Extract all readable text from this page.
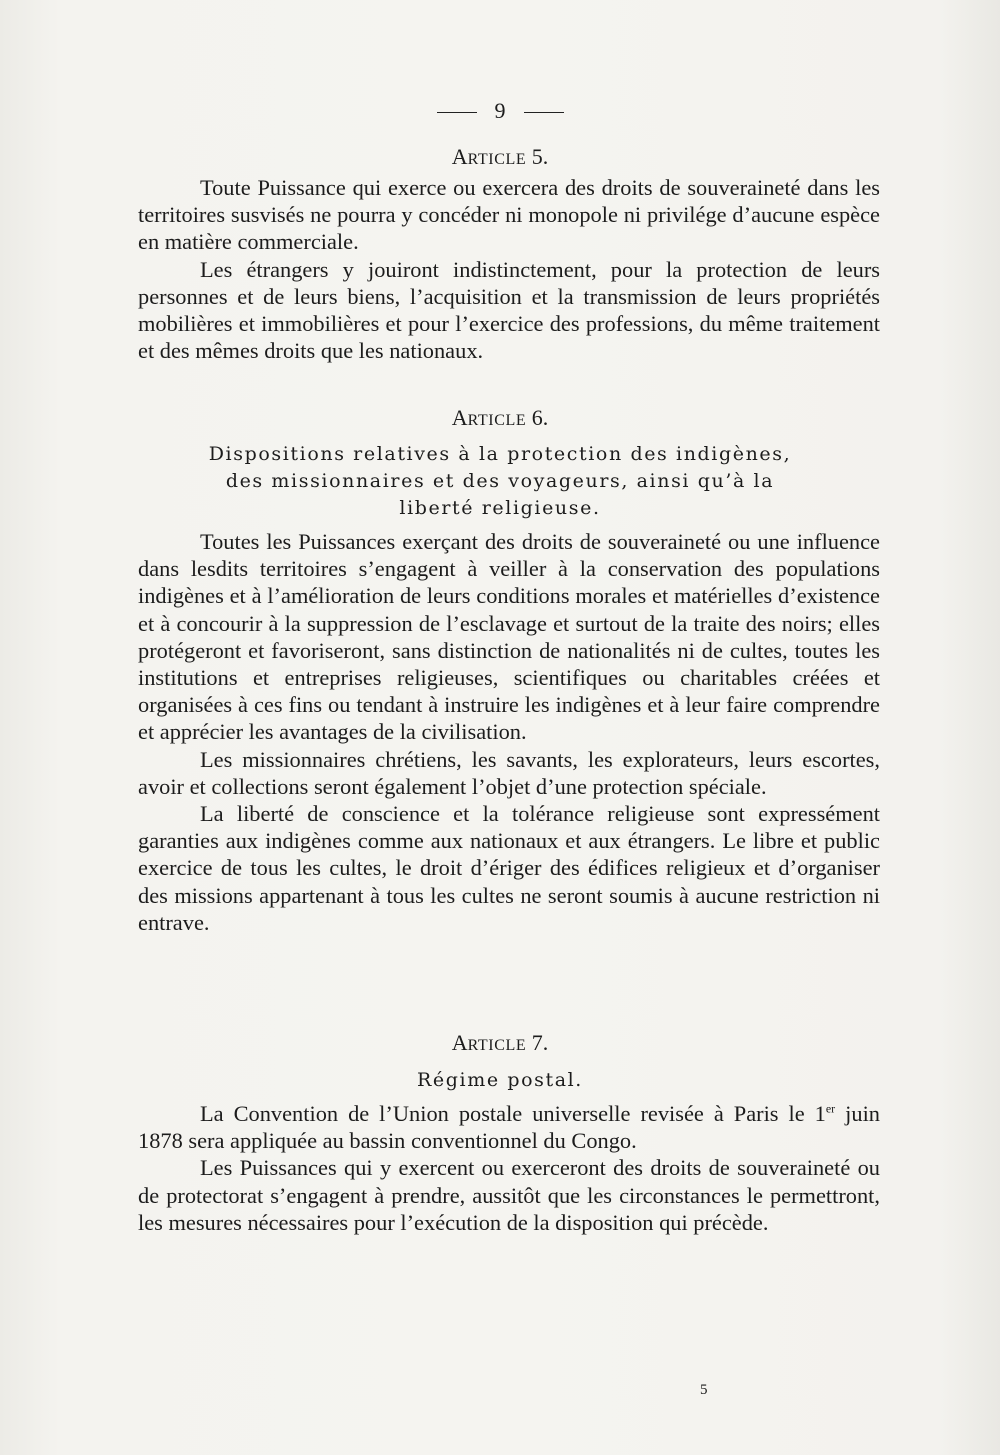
9
ARTICLE 5.

Toute Puissance qui exerce ou exercera des droits de souveraineté dans les territoires susvisés ne pourra y concéder ni monopole ni privilége d’aucune espèce en matière commerciale.

Les étrangers y jouiront indistinctement, pour la protection de leurs personnes et de leurs biens, l’acquisition et la transmission de leurs propriétés mobilières et immobilières et pour l’exercice des professions, du même traitement et des mêmes droits que les nationaux.

ARTICLE 6.
Dispositions relatives à la protection des indigènes,
des missionnaires et des voyageurs, ainsi qu’à la
liberté religieuse.

Toutes les Puissances exerçant des droits de souveraineté ou une influence dans lesdits territoires s’engagent à veiller à la conservation des populations indigènes et à l’amélioration de leurs conditions morales et matérielles d’existence et à concourir à la suppression de l’esclavage et surtout de la traite des noirs; elles protégeront et favoriseront, sans distinction de nationalités ni de cultes, toutes les institutions et entreprises religieuses, scientifiques ou charitables créées et organisées à ces fins ou tendant à instruire les indigènes et à leur faire comprendre et apprécier les avantages de la civilisation.

Les missionnaires chrétiens, les savants, les explorateurs, leurs escortes, avoir et collections seront également l’objet d’une protection spéciale.

La liberté de conscience et la tolérance religieuse sont expressément garanties aux indigènes comme aux nationaux et aux étrangers. Le libre et public exercice de tous les cultes, le droit d’ériger des édifices religieux et d’organiser des missions appartenant à tous les cultes ne seront soumis à aucune restriction ni entrave.

ARTICLE 7.
Régime postal.

La Convention de l’Union postale universelle revisée à Paris le 1er juin 1878 sera appliquée au bassin conventionnel du Congo.

Les Puissances qui y exercent ou exerceront des droits de souveraineté ou de protectorat s’engagent à prendre, aussitôt que les circonstances le permettront, les mesures nécessaires pour l’exécution de la disposition qui précède.

5
